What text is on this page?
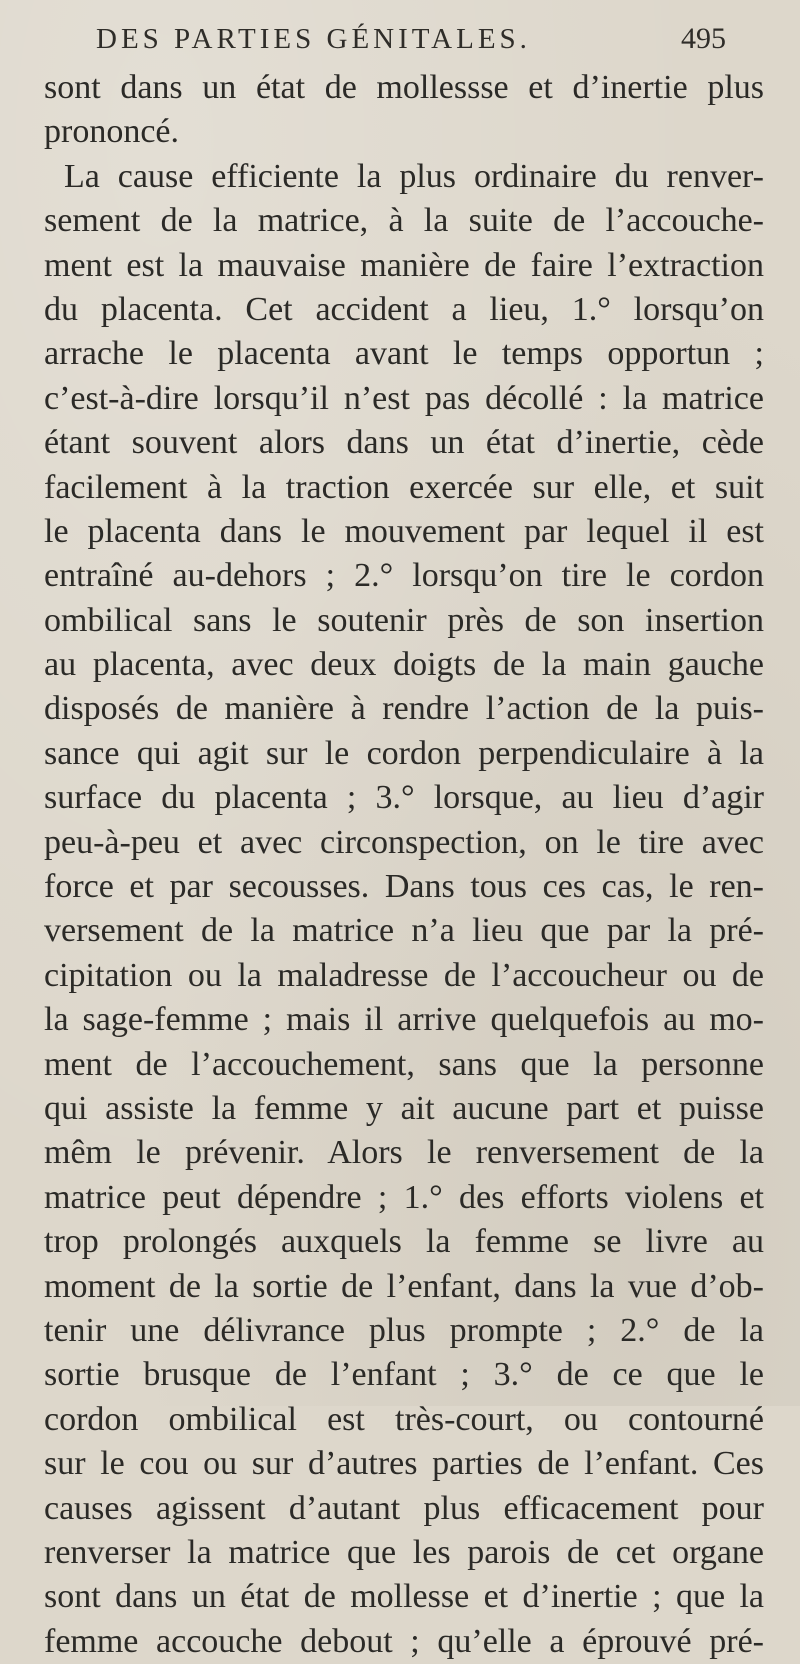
DES PARTIES GÉNITALES.	495
sont dans un état de mollessse et d’inertie plus
prononcé.
La cause efficiente la plus ordinaire du renver-
sement de la matrice, à la suite de l’accouche-
ment est la mauvaise manière de faire l’extraction
du placenta. Cet accident a lieu, 1.° lorsqu’on
arrache le placenta avant le temps opportun ;
c’est-à-dire lorsqu’il n’est pas décollé : la matrice
étant souvent alors dans un état d’inertie, cède
facilement à la traction exercée sur elle, et suit
le placenta dans le mouvement par lequel il est
entraîné au-dehors ; 2.° lorsqu’on tire le cordon
ombilical sans le soutenir près de son insertion
au placenta, avec deux doigts de la main gauche
disposés de manière à rendre l’action de la puis-
sance qui agit sur le cordon perpendiculaire à la
surface du placenta ; 3.° lorsque, au lieu d’agir
peu-à-peu et avec circonspection, on le tire avec
force et par secousses. Dans tous ces cas, le ren-
versement de la matrice n’a lieu que par la pré-
cipitation ou la maladresse de l’accoucheur ou de
la sage-femme ; mais il arrive quelquefois au mo-
ment de l’accouchement, sans que la personne
qui assiste la femme y ait aucune part et puisse
mêm le prévenir. Alors le renversement de la
matrice peut dépendre ; 1.° des efforts violens et
trop prolongés auxquels la femme se livre au
moment de la sortie de l’enfant, dans la vue d’ob-
tenir une délivrance plus prompte ; 2.° de la
sortie brusque de l’enfant ; 3.° de ce que le
cordon ombilical est très-court, ou contourné
sur le cou ou sur d’autres parties de l’enfant. Ces
causes agissent d’autant plus efficacement pour
renverser la matrice que les parois de cet organe
sont dans un état de mollesse et d’inertie ; que la
femme accouche debout ; qu’elle a éprouvé pré-
